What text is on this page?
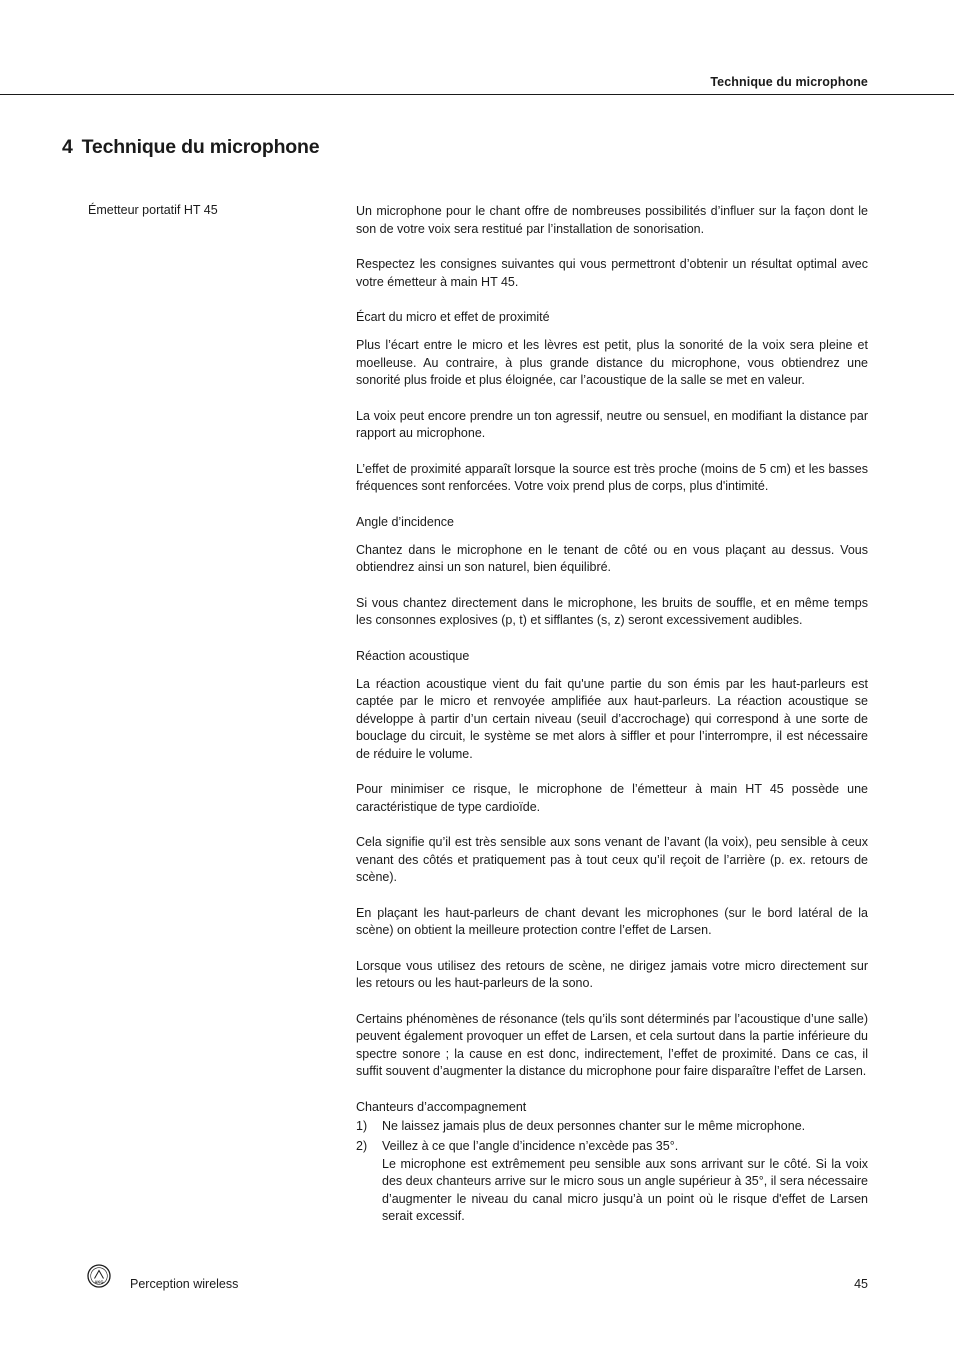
Technique du microphone
4 Technique du microphone
Émetteur portatif HT 45	Un microphone pour le chant offre de nombreuses possibilités d’influer sur la façon dont le son de votre voix sera restitué par l’installation de sonorisation.

Respectez les consignes suivantes qui vous permettront d’obtenir un résultat optimal avec votre émetteur à main HT 45.

Écart du micro et effet de proximité

Plus l’écart entre le micro et les lèvres est petit, plus la sonorité de la voix sera pleine et moelleuse. Au contraire, à plus grande distance du microphone, vous obtiendrez une sonorité plus froide et plus éloignée, car l’acoustique de la salle se met en valeur.

La voix peut encore prendre un ton agressif, neutre ou sensuel, en modifiant la distance par rapport au microphone.

L’effet de proximité apparaît lorsque la source est très proche (moins de 5 cm) et les basses fréquences sont renforcées. Votre voix prend plus de corps, plus d'intimité.

Angle d’incidence

Chantez dans le microphone en le tenant de côté ou en vous plaçant au dessus. Vous obtiendrez ainsi un son naturel, bien équilibré.

Si vous chantez directement dans le microphone, les bruits de souffle, et en même temps les consonnes explosives (p, t) et sifflantes (s, z) seront excessivement audibles.

Réaction acoustique

La réaction acoustique vient du fait qu'une partie du son émis par les haut-parleurs est captée par le micro et renvoyée amplifiée aux haut-parleurs. La réaction acoustique se développe à partir d’un certain niveau (seuil d’accrochage) qui correspond à une sorte de bouclage du circuit, le système se met alors à siffler et pour l’interrompre, il est nécessaire de réduire le volume.

Pour minimiser ce risque, le microphone de l’émetteur à main HT 45 possède une caractéristique de type cardioïde.

Cela signifie qu’il est très sensible aux sons venant de l’avant (la voix), peu sensible à ceux venant des côtés et pratiquement pas à tout ceux qu’il reçoit de l’arrière (p. ex. retours de scène).

En plaçant les haut-parleurs de chant devant les microphones (sur le bord latéral de la scène) on obtient la meilleure protection contre l’effet de Larsen.

Lorsque vous utilisez des retours de scène, ne dirigez jamais votre micro directement sur les retours ou les haut-parleurs de la sono.

Certains phénomènes de résonance (tels qu’ils sont déterminés par l’acoustique d’une salle) peuvent également provoquer un effet de Larsen, et cela surtout dans la partie inférieure du spectre sonore ; la cause en est donc, indirectement, l’effet de proximité. Dans ce cas, il suffit souvent d’augmenter la distance du microphone pour faire disparaître l’effet de Larsen.

Chanteurs d’accompagnement
1) Ne laissez jamais plus de deux personnes chanter sur le même microphone.
2) Veillez à ce que l’angle d’incidence n’excède pas 35°.
Le microphone est extrêmement peu sensible aux sons arrivant sur le côté. Si la voix des deux chanteurs arrive sur le micro sous un angle supérieur à 35°, il sera nécessaire d’augmenter le niveau du canal micro jusqu’à un point où le risque d'effet de Larsen serait excessif.
AKG Perception wireless	45
